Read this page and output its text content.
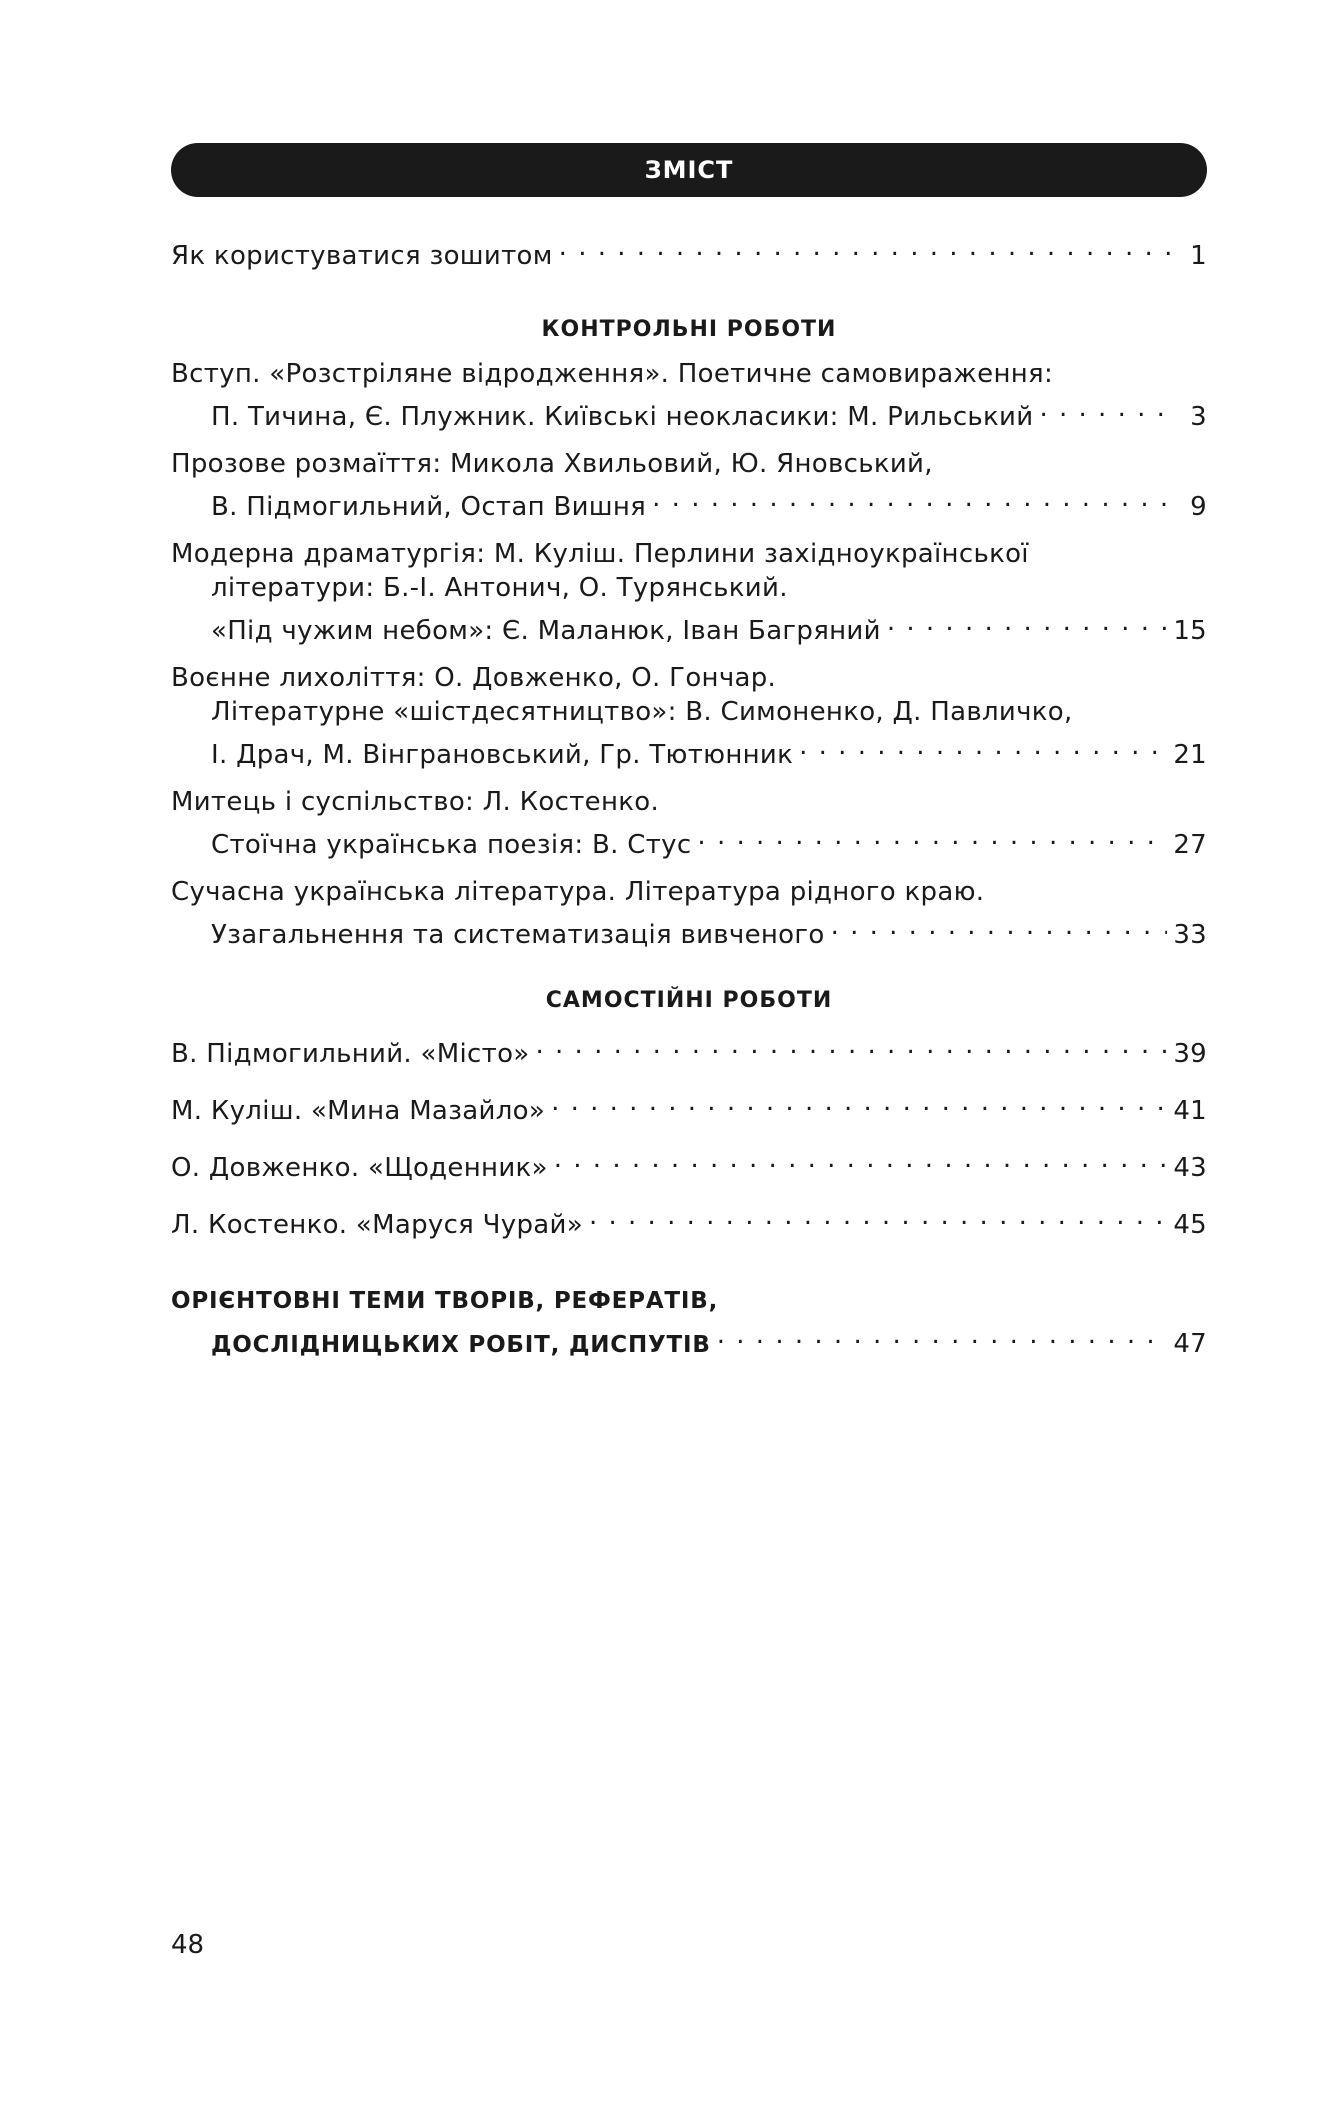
ЗМІСТ
Як користуватися зошитом . . .	1
КОНТРОЛЬНІ РОБОТИ
Вступ. «Розстріляне відродження». Поетичне самовираження:
П. Тичина, Є. Плужник. Київські неокласики: М. Рильський . . .	3
Прозове розмаїття: Микола Хвильовий, Ю. Яновський,
В. Підмогильний, Остап Вишня . . .	9
Модерна драматургія: М. Куліш. Перлини західноукраїнської
літератури: Б.-І. Антонич, О. Турянський.
«Під чужим небом»: Є. Маланюк, Іван Багряний . . .	15
Воєнне лихоліття: О. Довженко, О. Гончар.
Літературне «шістдесятництво»: В. Симоненко, Д. Павличко,
І. Драч, М. Вінграновський, Гр. Тютюнник . . .	21
Митець і суспільство: Л. Костенко.
Стоїчна українська поезія: В. Стус . . .	27
Сучасна українська література. Література рідного краю.
Узагальнення та систематизація вивченого . . .	33
САМОСТІЙНІ РОБОТИ
В. Підмогильний. «Місто» . . .	39
М. Куліш. «Мина Мазайло» . . .	41
О. Довженко. «Щоденник» . . .	43
Л. Костенко. «Маруся Чурай» . . .	45
ОРІЄНТОВНІ ТЕМИ ТВОРІВ, РЕФЕРАТІВ,
ДОСЛІДНИЦЬКИХ РОБІТ, ДИСПУТІВ . . .	47
48
